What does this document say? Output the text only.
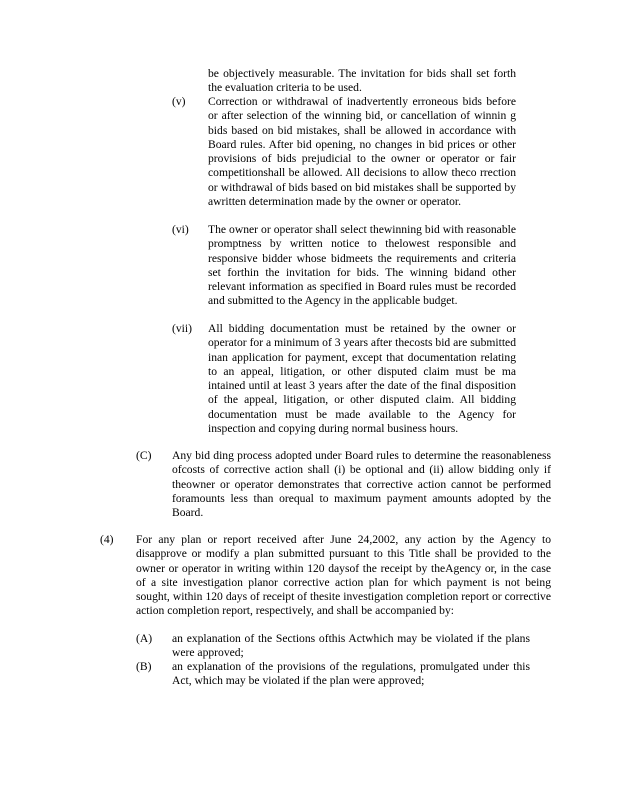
be objectively measurable. The invitation for bids shall set forth the evaluation criteria to be used.
(v) Correction or withdrawal of inadvertently erroneous bids before or after selection of the winning bid, or cancellation of winnin g bids based on bid mistakes, shall be allowed in accordance with Board rules. After bid opening, no changes in bid prices or other provisions of bids prejudicial to the owner or operator or fair competitionshall be allowed. All decisions to allow theco rrection or withdrawal of bids based on bid mistakes shall be supported by awritten determination made by the owner or operator.
(vi) The owner or operator shall select thewinning bid with reasonable promptness by written notice to thelowest responsible and responsive bidder whose bidmeets the requirements and criteria set forthin the invitation for bids. The winning bidand other relevant information as specified in Board rules must be recorded and submitted to the Agency in the applicable budget.
(vii) All bidding documentation must be retained by the owner or operator for a minimum of 3 years after thecosts bid are submitted inan application for payment, except that documentation relating to an appeal, litigation, or other disputed claim must be ma intained until at least 3 years after the date of the final disposition of the appeal, litigation, or other disputed claim. All bidding documentation must be made available to the Agency for inspection and copying during normal business hours.
(C) Any bid ding process adopted under Board rules to determine the reasonableness ofcosts of corrective action shall (i) be optional and (ii) allow bidding only if theowner or operator demonstrates that corrective action cannot be performed foramounts less than orequal to maximum payment amounts adopted by the Board.
(4) For any plan or report received after June 24,2002, any action by the Agency to disapprove or modify a plan submitted pursuant to this Title shall be provided to the owner or operator in writing within 120 daysof the receipt by theAgency or, in the case of a site investigation planor corrective action plan for which payment is not being sought, within 120 days of receipt of thesite investigation completion report or corrective action completion report, respectively, and shall be accompanied by:
(A) an explanation of the Sections ofthis Actwhich may be violated if the plans were approved;
(B) an explanation of the provisions of the regulations, promulgated under this Act, which may be violated if the plan were approved;
